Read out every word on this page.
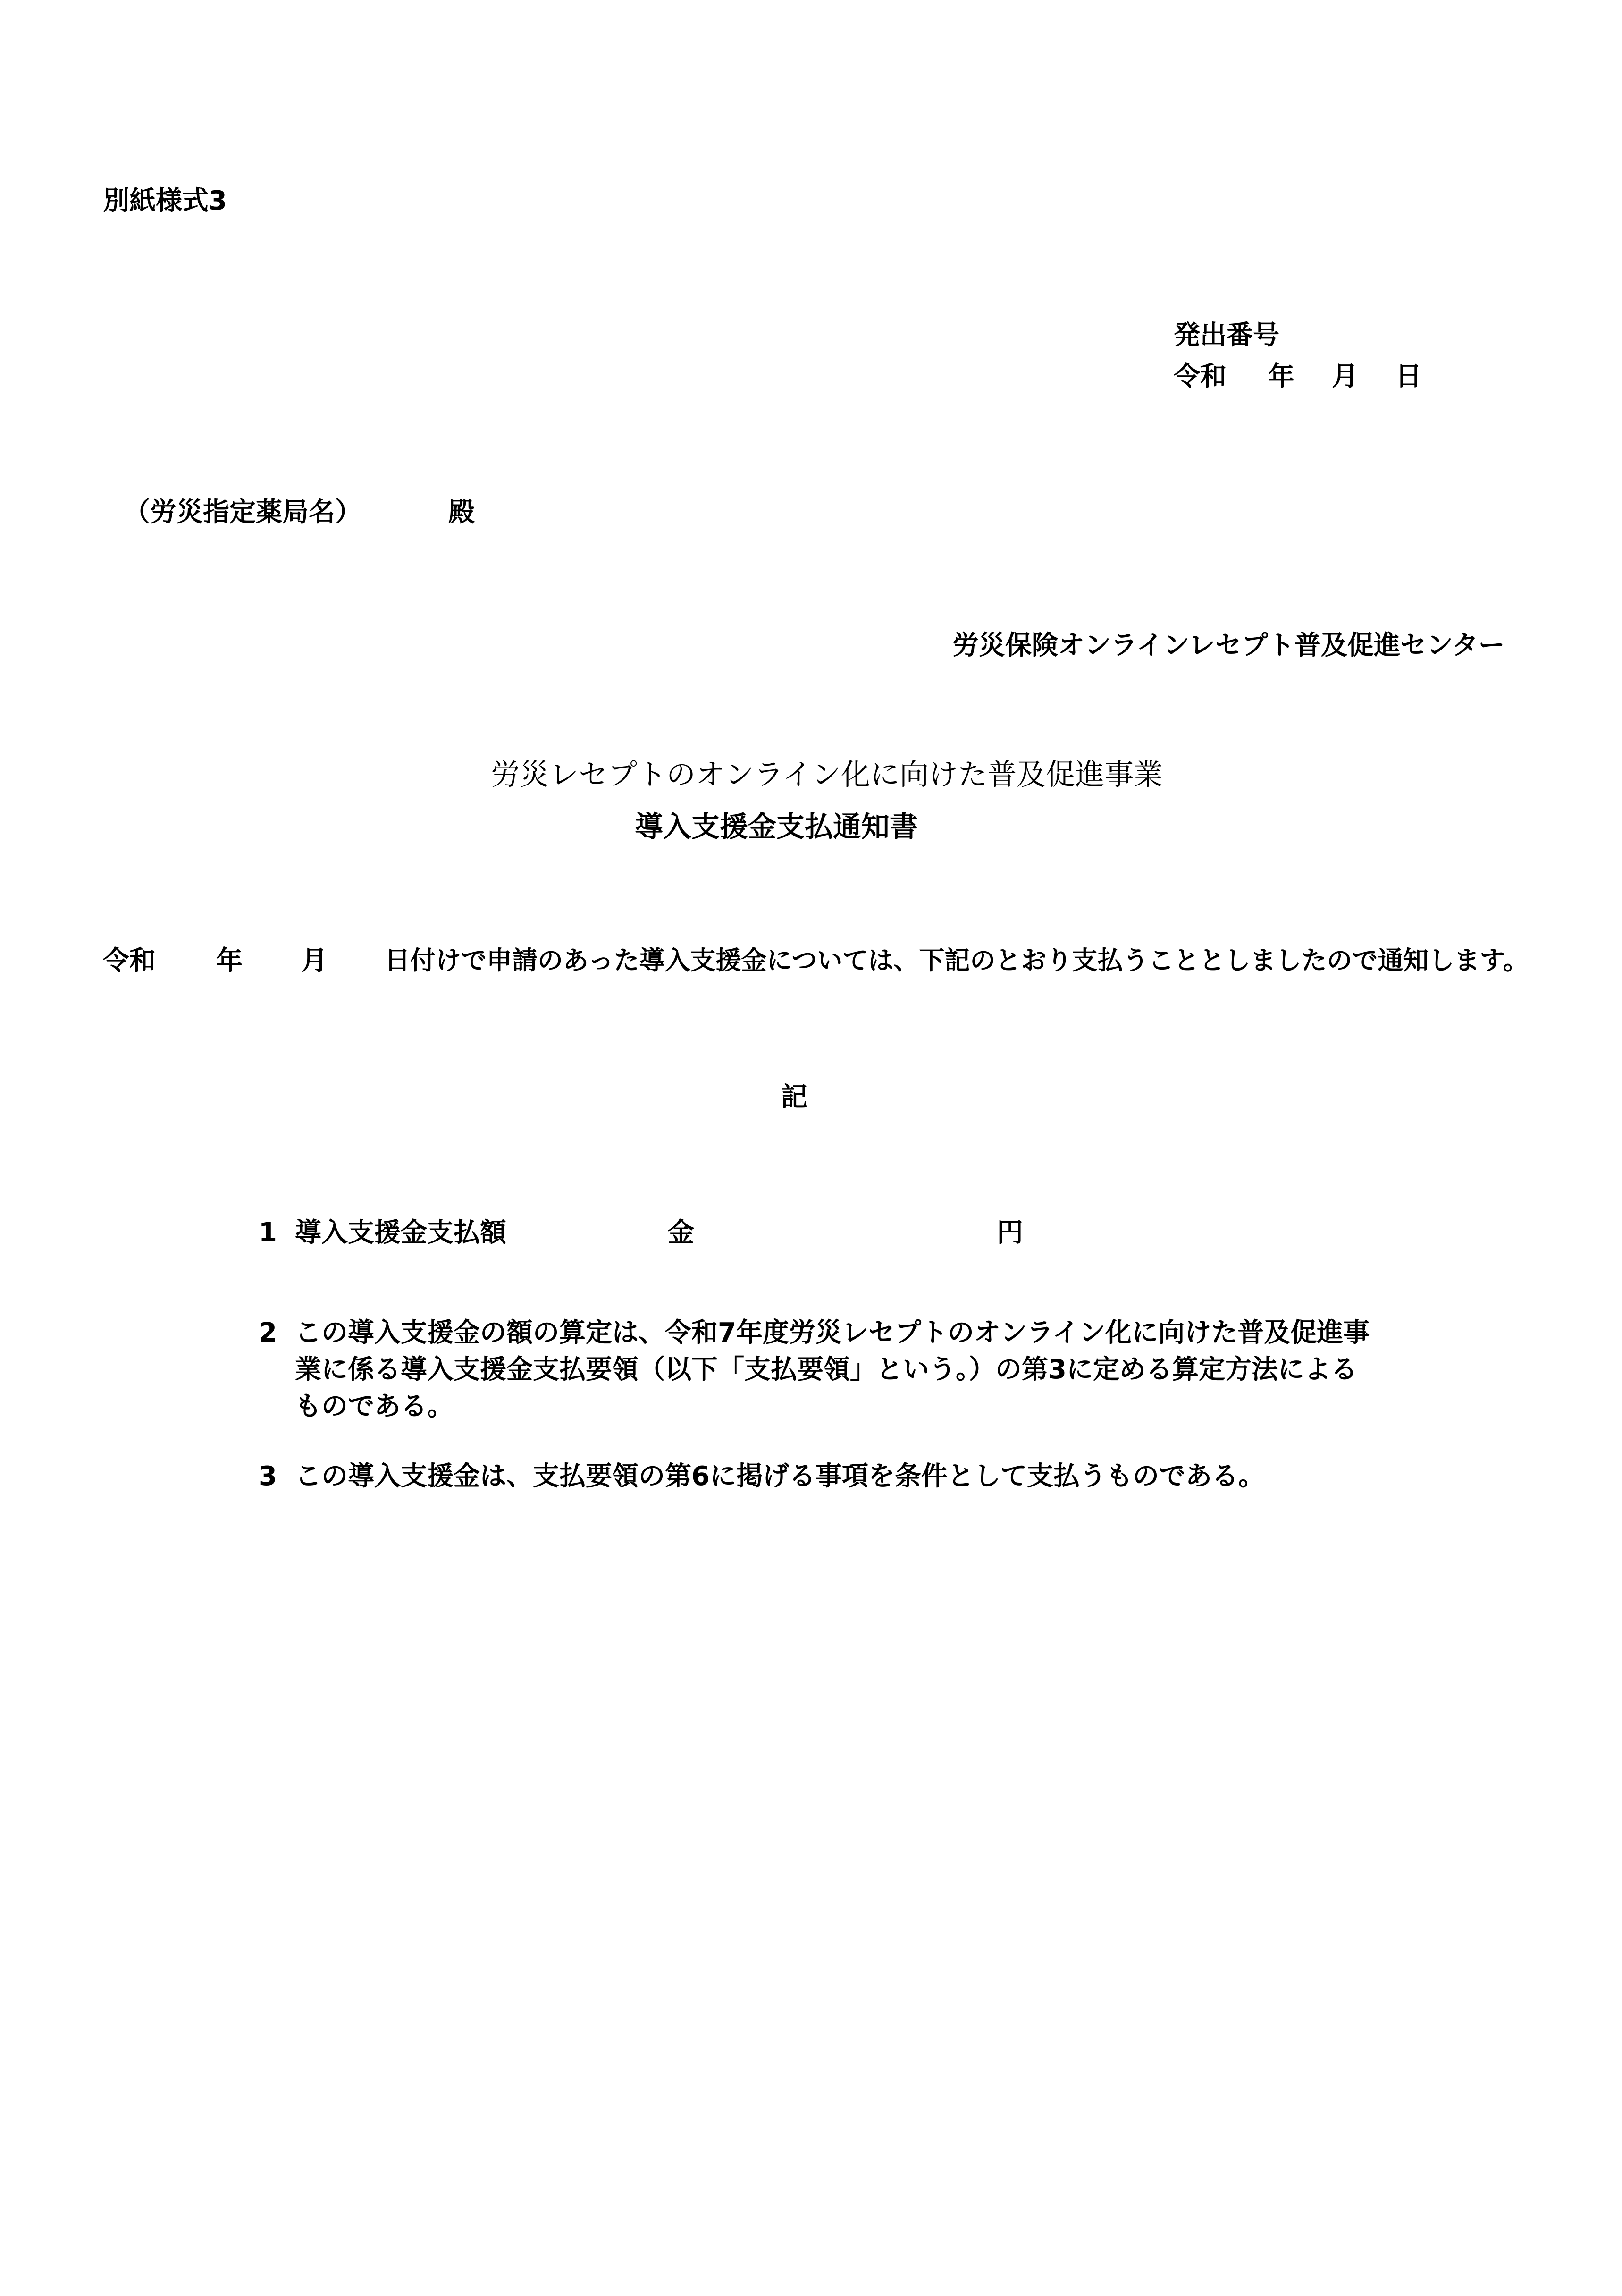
別紙様式3
発出番号
令和 年 月 日
（労災指定薬局名）	殿
労災保険オンラインレセプト普及促進センター
労災レセプトのオンライン化に向けた普及促進事業
導入支援金支払通知書
令和 年 月 日付けで申請のあった導入支援金については、下記のとおり支払うこととしましたので通知します。
記
1 導入支援金支払額	金	円
2 この導入支援金の額の算定は、令和7年度労災レセプトのオンライン化に向けた普及促進事業に係る導入支援金支払要領（以下「支払要領」という。）の第3に定める算定方法によるものである。
3 この導入支援金は、支払要領の第6に掲げる事項を条件として支払うものである。
